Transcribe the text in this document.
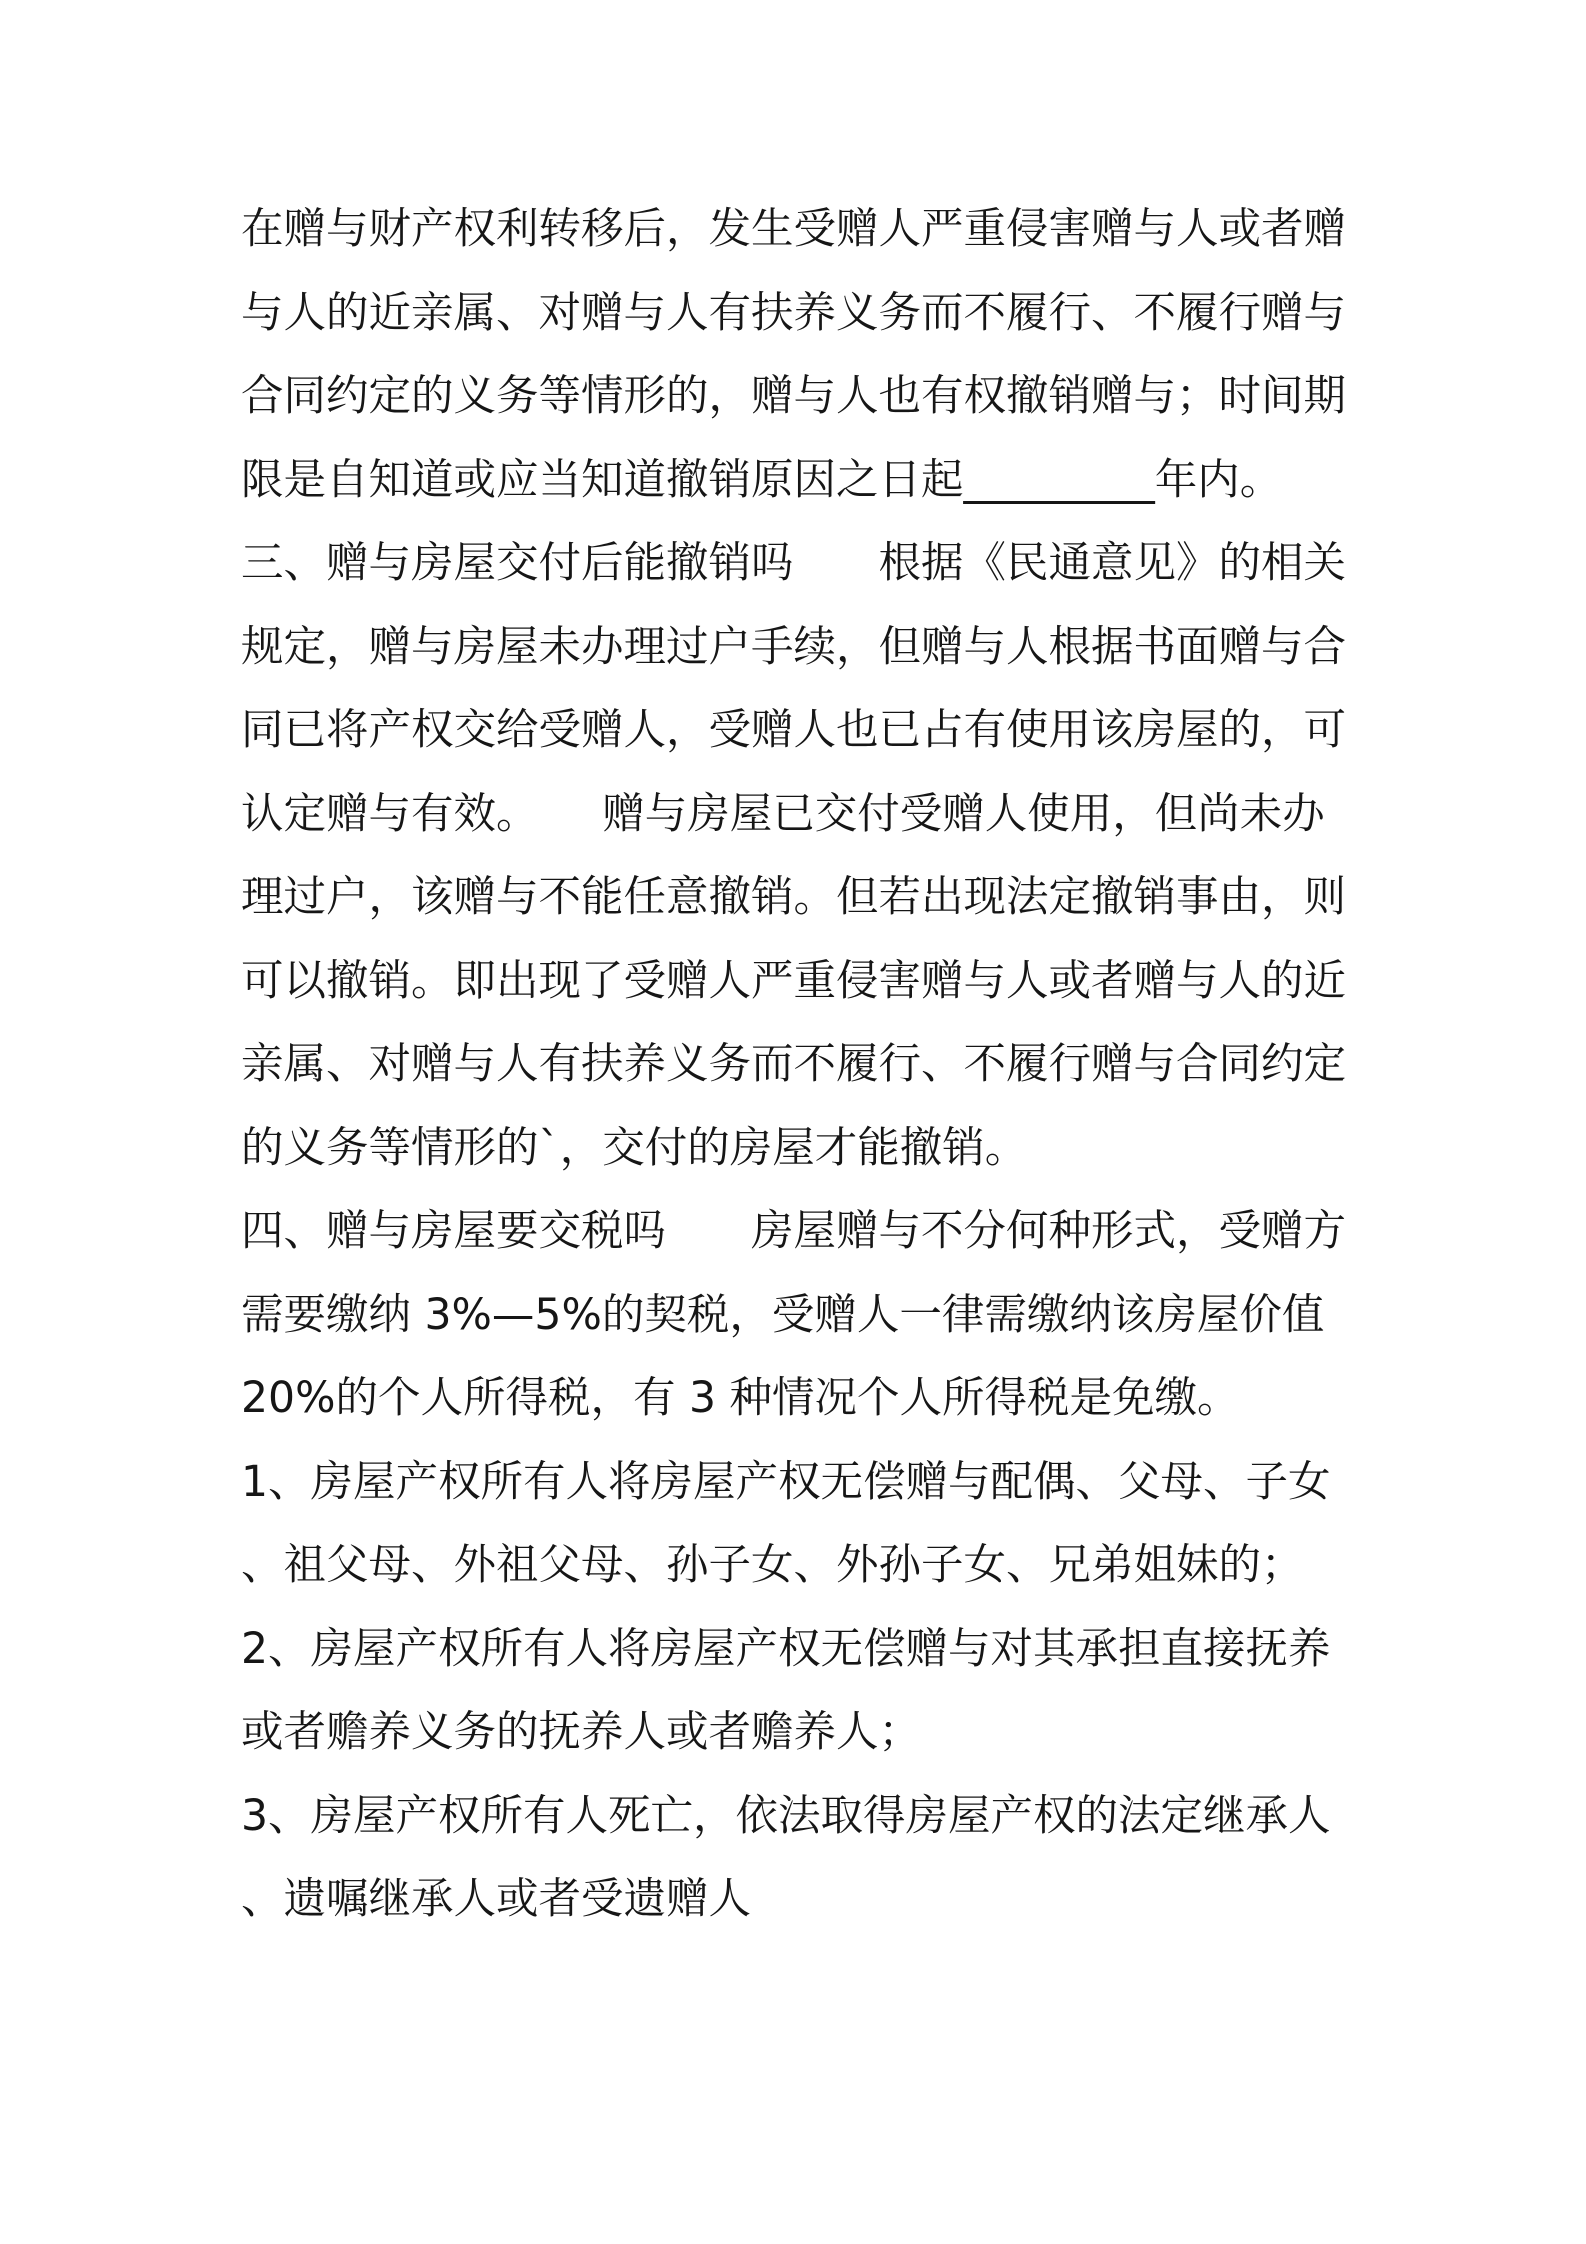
在赠与财产权利转移后，发生受赠人严重侵害赠与人或者赠
与人的近亲属、对赠与人有扶养义务而不履行、不履行赠与
合同约定的义务等情形的，赠与人也有权撤销赠与；时间期
限是自知道或应当知道撤销原因之日起_________年内。
三、赠与房屋交付后能撤销吗　　根据《民通意见》的相关
规定，赠与房屋未办理过户手续，但赠与人根据书面赠与合
同已将产权交给受赠人，受赠人也已占有使用该房屋的，可
认定赠与有效。　　赠与房屋已交付受赠人使用，但尚未办
理过户，该赠与不能任意撤销。但若出现法定撤销事由，则
可以撤销。即出现了受赠人严重侵害赠与人或者赠与人的近
亲属、对赠与人有扶养义务而不履行、不履行赠与合同约定
的义务等情形的`，交付的房屋才能撤销。
四、赠与房屋要交税吗　　房屋赠与不分何种形式，受赠方
需要缴纳 3%—5%的契税，受赠人一律需缴纳该房屋价值
20%的个人所得税，有 3 种情况个人所得税是免缴。
1、房屋产权所有人将房屋产权无偿赠与配偶、父母、子女
、祖父母、外祖父母、孙子女、外孙子女、兄弟姐妹的；
2、房屋产权所有人将房屋产权无偿赠与对其承担直接抚养
或者赡养义务的抚养人或者赡养人；
3、房屋产权所有人死亡，依法取得房屋产权的法定继承人
、遗嘱继承人或者受遗赠人
